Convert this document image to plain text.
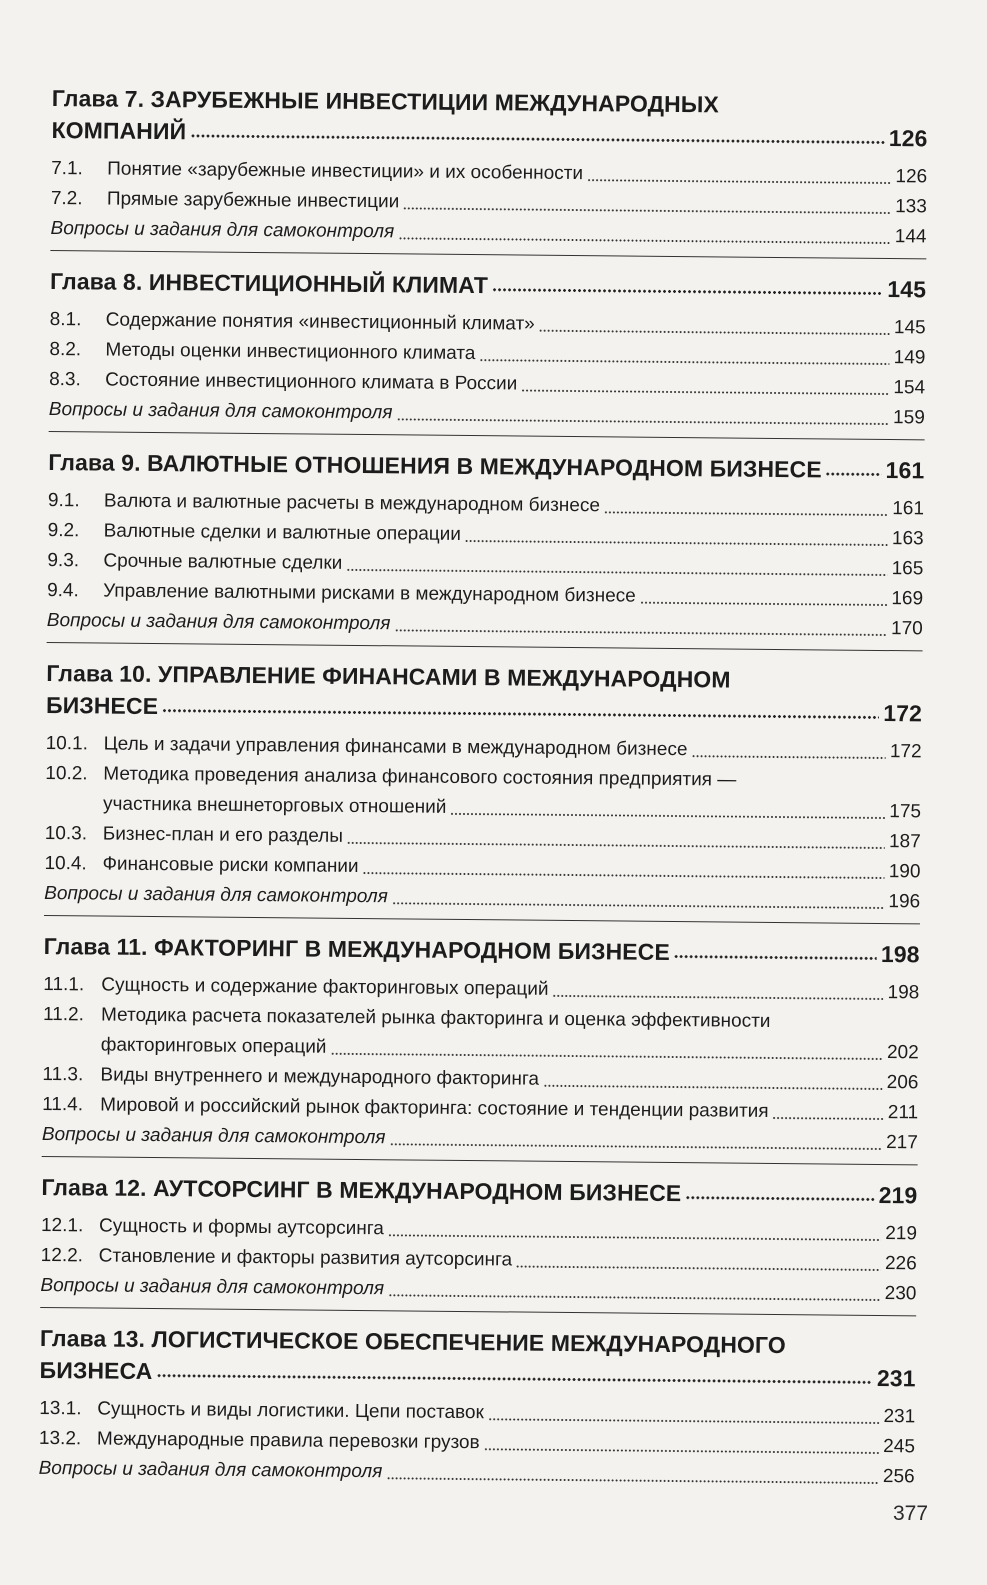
Глава 7. ЗАРУБЕЖНЫЕ ИНВЕСТИЦИИ МЕЖДУНАРОДНЫХ
КОМПАНИЙ	126
7.1.	Понятие «зарубежные инвестиции» и их особенности	126
7.2.	Прямые зарубежные инвестиции	133
Вопросы и задания для самоконтроля	144
Глава 8. ИНВЕСТИЦИОННЫЙ КЛИМАТ	145
8.1.	Содержание понятия «инвестиционный климат»	145
8.2.	Методы оценки инвестиционного климата	149
8.3.	Состояние инвестиционного климата в России	154
Вопросы и задания для самоконтроля	159
Глава 9. ВАЛЮТНЫЕ ОТНОШЕНИЯ В МЕЖДУНАРОДНОМ БИЗНЕСЕ	161
9.1.	Валюта и валютные расчеты в международном бизнесе	161
9.2.	Валютные сделки и валютные операции	163
9.3.	Срочные валютные сделки	165
9.4.	Управление валютными рисками в международном бизнесе	169
Вопросы и задания для самоконтроля	170
Глава 10. УПРАВЛЕНИЕ ФИНАНСАМИ В МЕЖДУНАРОДНОМ
БИЗНЕСЕ	172
10.1. Цель и задачи управления финансами в международном бизнесе	172
10.2. Методика проведения анализа финансового состояния предприятия —
участника внешнеторговых отношений	175
10.3. Бизнес-план и его разделы	187
10.4. Финансовые риски компании	190
Вопросы и задания для самоконтроля	196
Глава 11. ФАКТОРИНГ В МЕЖДУНАРОДНОМ БИЗНЕСЕ	198
11.1. Сущность и содержание факторинговых операций	198
11.2. Методика расчета показателей рынка факторинга и оценка эффективности
факторинговых операций	202
11.3. Виды внутреннего и международного факторинга	206
11.4. Мировой и российский рынок факторинга: состояние и тенденции развития	211
Вопросы и задания для самоконтроля	217
Глава 12. АУТСОРСИНГ В МЕЖДУНАРОДНОМ БИЗНЕСЕ	219
12.1. Сущность и формы аутсорсинга	219
12.2. Становление и факторы развития аутсорсинга	226
Вопросы и задания для самоконтроля	230
Глава 13. ЛОГИСТИЧЕСКОЕ ОБЕСПЕЧЕНИЕ МЕЖДУНАРОДНОГО
БИЗНЕСА	231
13.1. Сущность и виды логистики. Цепи поставок	231
13.2. Международные правила перевозки грузов	245
Вопросы и задания для самоконтроля	256
377
